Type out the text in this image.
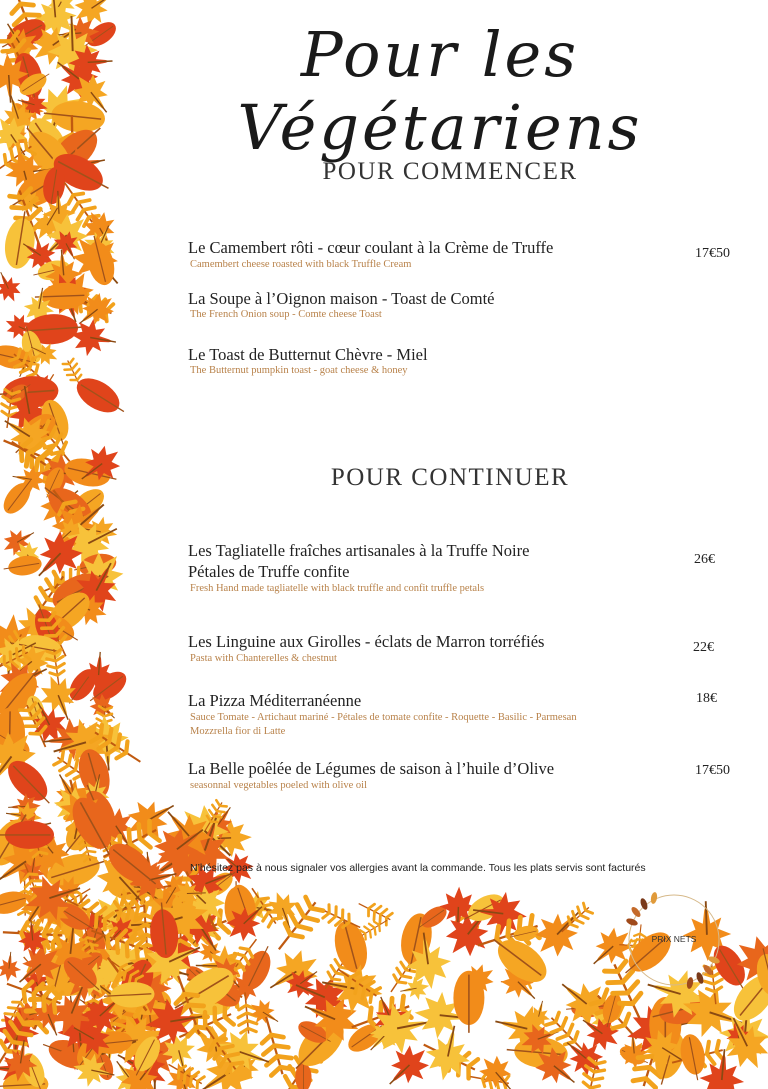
Pour les Végétariens
POUR COMMENCER
Le Camembert rôti - cœur coulant à la Crème de Truffe
Camembert cheese roasted with black Truffle Cream
17€50
La Soupe à l’Oignon maison - Toast de Comté
The French Onion soup - Comte cheese Toast
Le Toast de Butternut Chèvre - Miel
The Butternut pumpkin toast - goat cheese & honey
POUR CONTINUER
Les Tagliatelle fraîches artisanales à la Truffe Noire
Pétales de Truffe confite
Fresh Hand made tagliatelle with black truffle and confit truffle petals
26€
Les Linguine aux Girolles - éclats de Marron torréfiés
Pasta with Chanterelles & chestnut
22€
La Pizza Méditerranéenne
Sauce Tomate - Artichaut mariné - Pétales de tomate confite - Roquette - Basilic - Parmesan
Mozzrella fior di Latte
18€
La Belle poêlée de Légumes de saison à l’huile d’Olive
seasonnal vegetables poeled with olive oil
17€50
N’hésitez pas à nous signaler vos allergies avant la commande. Tous les plats servis sont facturés
PRIX NETS
